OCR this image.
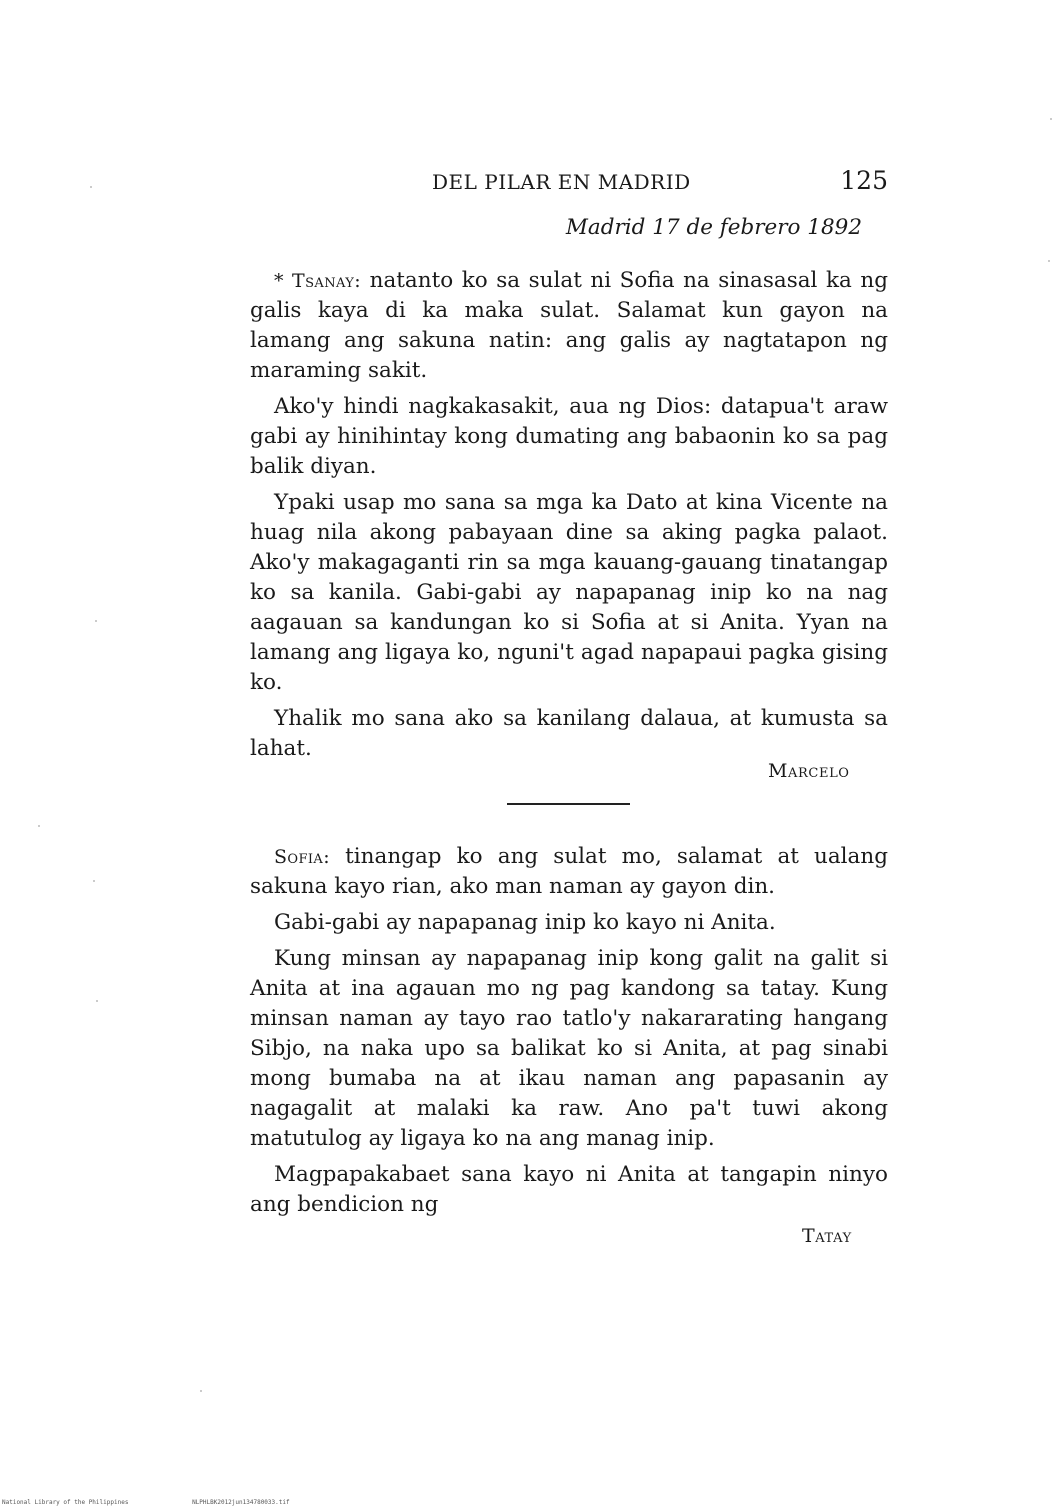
DEL PILAR EN MADRID	125
Madrid 17 de febrero 1892

* Tsanay: natanto ko sa sulat ni Sofia na sinasasal ka ng galis kaya di ka maka sulat. Salamat kun gayon na lamang ang sakuna natin: ang galis ay nagtatapon ng maraming sakit.

Ako'y hindi nagkakasakit, aua ng Dios: datapua't araw gabi ay hinihintay kong dumating ang babaonin ko sa pag balik diyan.

Ypaki usap mo sana sa mga ka Dato at kina Vicente na huag nila akong pabayaan dine sa aking pagka palaot. Ako'y makagaganti rin sa mga kauang-gauang tinatangap ko sa kanila. Gabi-gabi ay napapanag inip ko na nag aagauan sa kandungan ko si Sofia at si Anita. Yyan na lamang ang ligaya ko, nguni't agad napapaui pagka gising ko.

Yhalik mo sana ako sa kanilang dalaua, at kumusta sa lahat.

Marcelo

Sofia: tinangap ko ang sulat mo, salamat at ualang sakuna kayo rian, ako man naman ay gayon din.

Gabi-gabi ay napapanag inip ko kayo ni Anita.

Kung minsan ay napapanag inip kong galit na galit si Anita at ina agauan mo ng pag kandong sa tatay. Kung minsan naman ay tayo rao tatlo'y nakararating hangang Sibjo, na naka upo sa balikat ko si Anita, at pag sinabi mong bumaba na at ikau naman ang papasanin ay nagagalit at malaki ka raw. Ano pa't tuwi akong matutulog ay ligaya ko na ang manag inip.

Magpapakabaet sana kayo ni Anita at tangapin ninyo ang bendicion ng

Tatay
National Library of the Philippines	NLPHLBK2012jun134780033.tif
